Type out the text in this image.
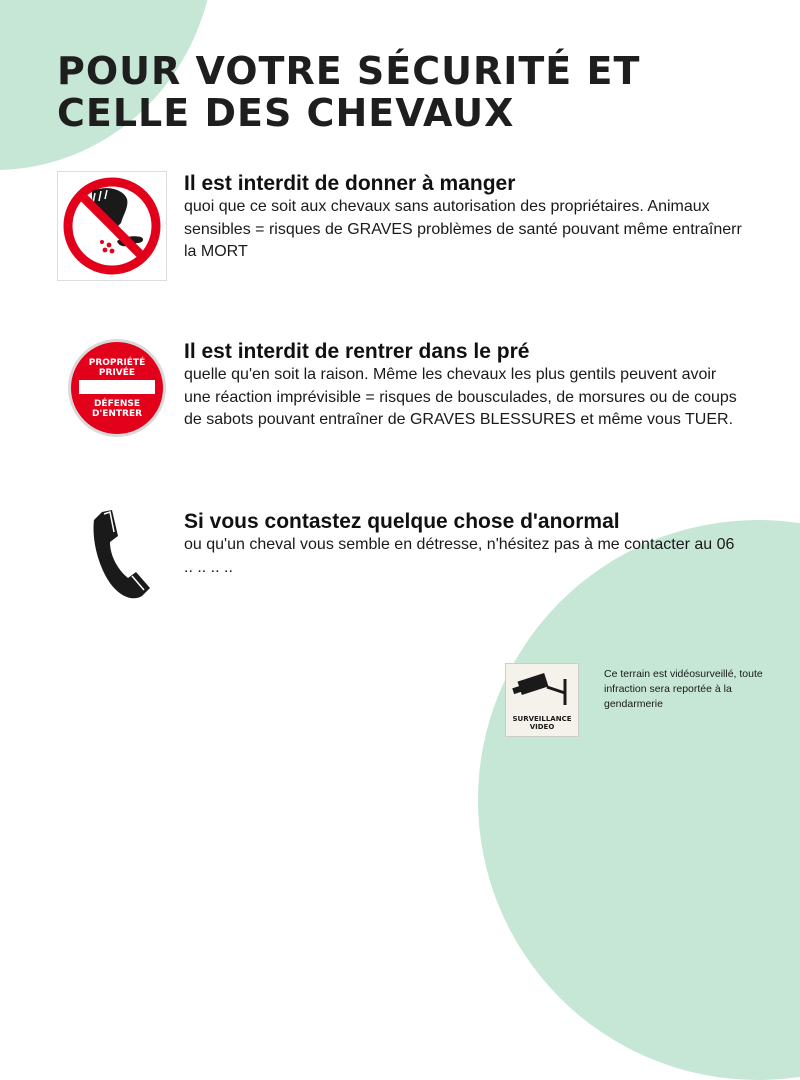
POUR VOTRE SÉCURITÉ ET
CELLE DES CHEVAUX
Il est interdit de donner à manger

quoi que ce soit aux chevaux sans autorisation des propriétaires. Animaux sensibles = risques de GRAVES problèmes de santé pouvant même entraînerr la MORT

PROPRIÉTÉ
PRIVÉE
DÉFENSE
D'ENTRER
Il est interdit de rentrer dans le pré

quelle qu'en soit la raison. Même les chevaux les plus gentils peuvent avoir une réaction imprévisible = risques de bousculades, de morsures ou de coups de sabots pouvant entraîner de GRAVES BLESSURES et même vous TUER.

Si vous contastez quelque chose d'anormal

ou qu'un cheval vous semble en détresse, n'hésitez pas à me contacter au 06 .. .. .. ..

SURVEILLANCE
VIDEO
Ce terrain est vidéosurveillé, toute infraction sera reportée à la gendarmerie
